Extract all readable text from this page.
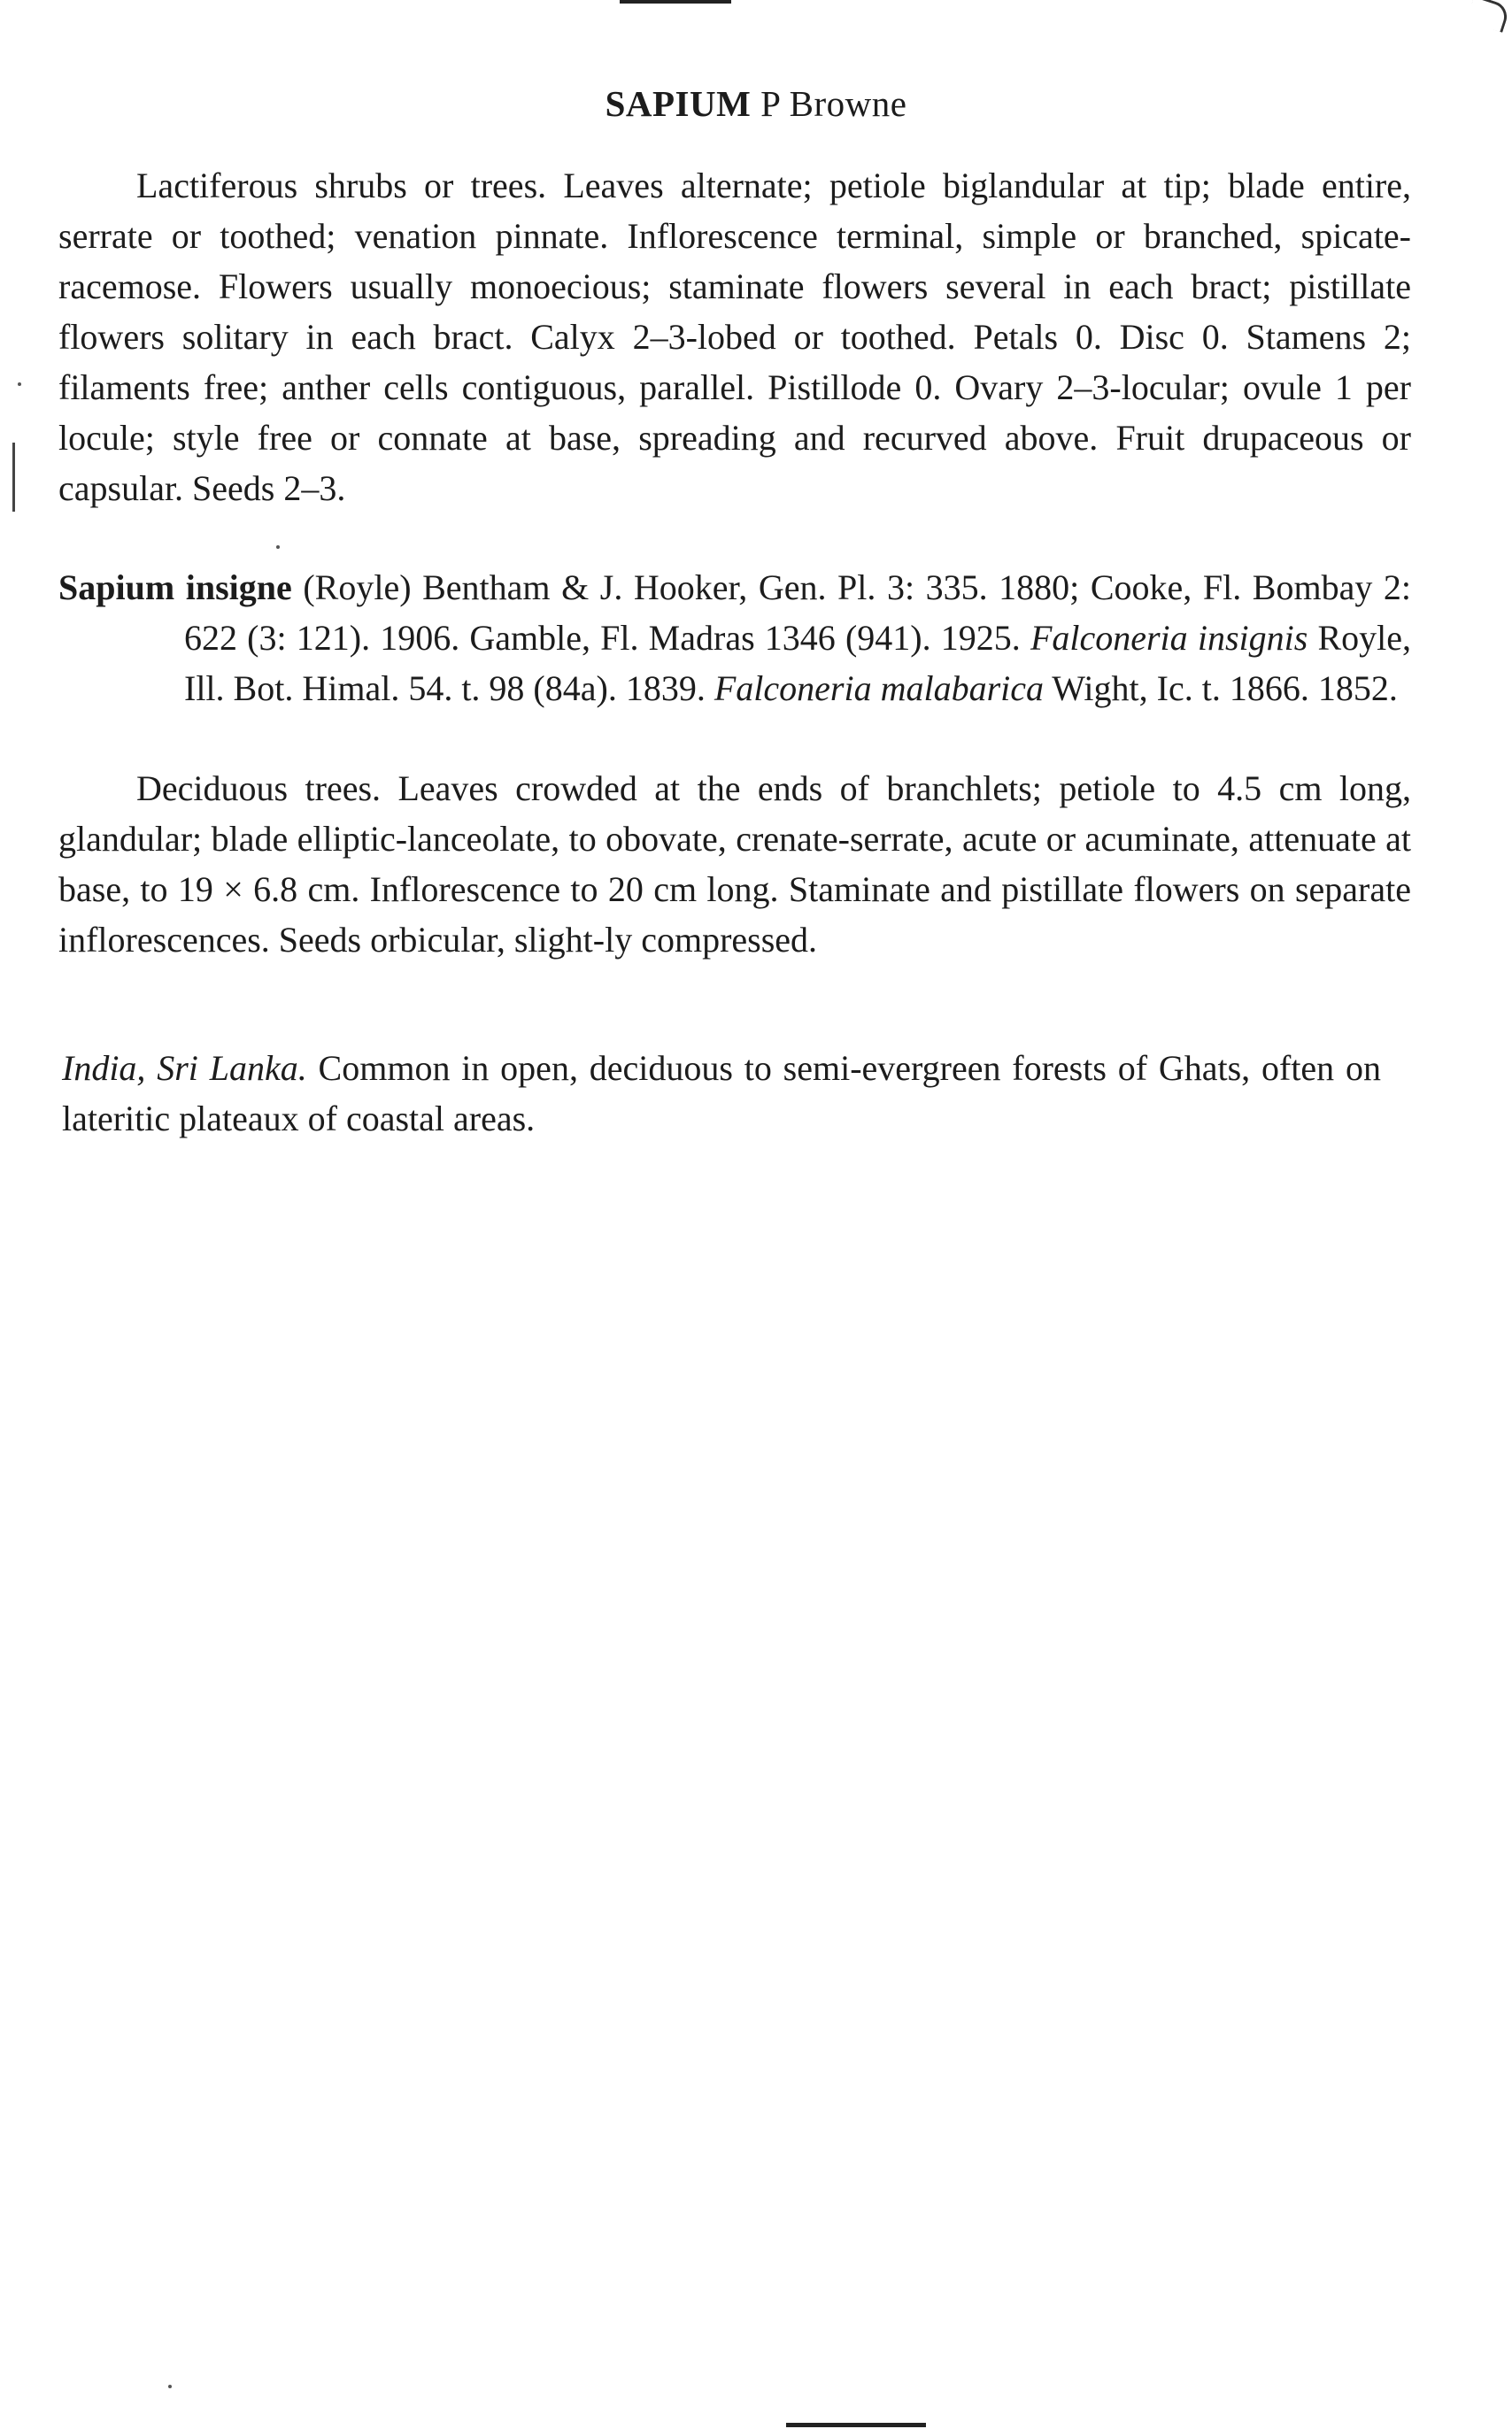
SAPIUM P Browne

Lactiferous shrubs or trees. Leaves alternate; petiole biglandular at tip; blade entire, serrate or toothed; venation pinnate. Inflorescence terminal, simple or branched, spicate-racemose. Flowers usually monoecious; staminate flowers several in each bract; pistillate flowers solitary in each bract. Calyx 2–3-lobed or toothed. Petals 0. Disc 0. Stamens 2; filaments free; anther cells contiguous, parallel. Pistillode 0. Ovary 2–3-locular; ovule 1 per locule; style free or connate at base, spreading and recurved above. Fruit drupaceous or capsular. Seeds 2–3.

Sapium insigne (Royle) Bentham & J. Hooker, Gen. Pl. 3: 335. 1880; Cooke, Fl. Bombay 2: 622 (3: 121). 1906. Gamble, Fl. Madras 1346 (941). 1925. Falconeria insignis Royle, Ill. Bot. Himal. 54. t. 98 (84a). 1839. Falconeria malabarica Wight, Ic. t. 1866. 1852.

Deciduous trees. Leaves crowded at the ends of branchlets; petiole to 4.5 cm long, glandular; blade elliptic-lanceolate, to obovate, crenate-serrate, acute or acuminate, attenuate at base, to 19 × 6.8 cm. Inflorescence to 20 cm long. Staminate and pistillate flowers on separate inflorescences. Seeds orbicular, slight-ly compressed.

India, Sri Lanka. Common in open, deciduous to semi-evergreen forests of Ghats, often on lateritic plateaux of coastal areas.
